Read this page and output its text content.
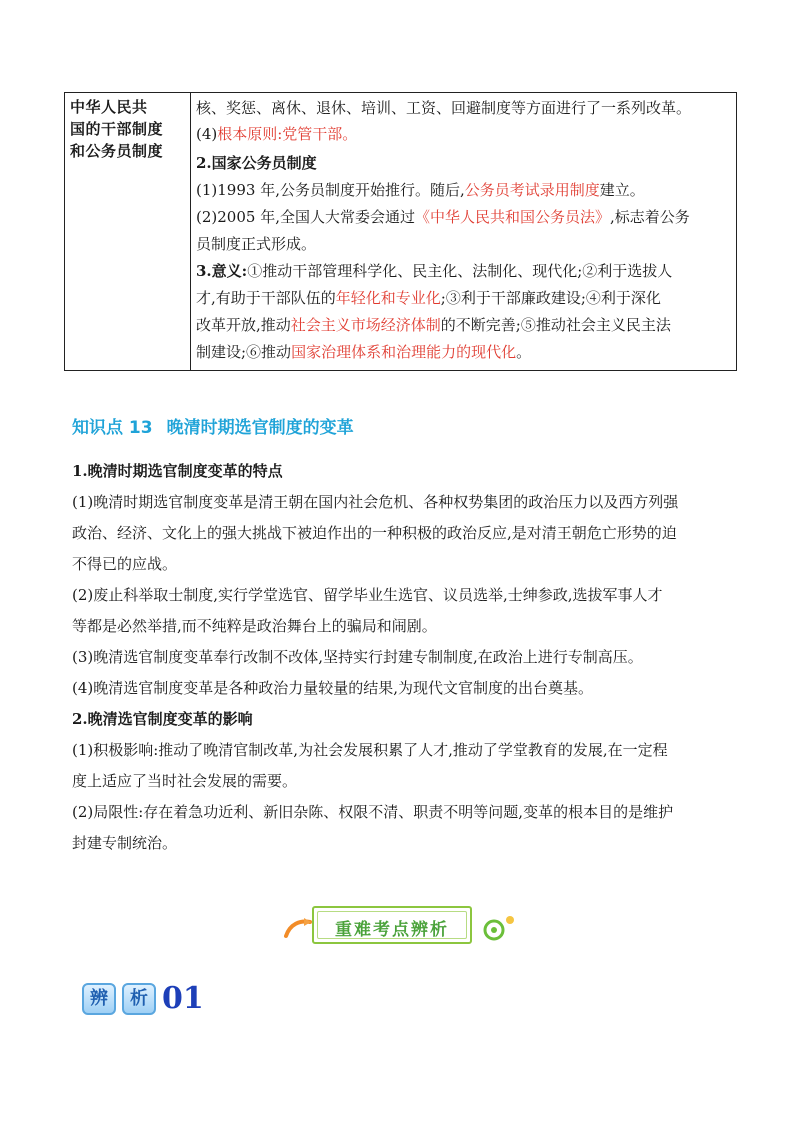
中华人民共
国的干部制度
和公务员制度
核、奖惩、离休、退休、培训、工资、回避制度等方面进行了一系列改革。
(4)根本原则:党管干部。
2.国家公务员制度
(1)1993 年,公务员制度开始推行。随后,公务员考试录用制度建立。
(2)2005 年,全国人大常委会通过《中华人民共和国公务员法》,标志着公务
员制度正式形成。
3.意义:①推动干部管理科学化、民主化、法制化、现代化;②利于选拔人
才,有助于干部队伍的年轻化和专业化;③利于干部廉政建设;④利于深化
改革开放,推动社会主义市场经济体制的不断完善;⑤推动社会主义民主法
制建设;⑥推动国家治理体系和治理能力的现代化。
知识点 13 晚清时期选官制度的变革
1.晚清时期选官制度变革的特点
(1)晚清时期选官制度变革是清王朝在国内社会危机、各种权势集团的政治压力以及西方列强
政治、经济、文化上的强大挑战下被迫作出的一种积极的政治反应,是对清王朝危亡形势的迫
不得已的应战。
(2)废止科举取士制度,实行学堂选官、留学毕业生选官、议员选举,士绅参政,选拔军事人才
等都是必然举措,而不纯粹是政治舞台上的骗局和闹剧。
(3)晚清选官制度变革奉行改制不改体,坚持实行封建专制制度,在政治上进行专制高压。
(4)晚清选官制度变革是各种政治力量较量的结果,为现代文官制度的出台奠基。
2.晚清选官制度变革的影响
(1)积极影响:推动了晚清官制改革,为社会发展积累了人才,推动了学堂教育的发展,在一定程
度上适应了当时社会发展的需要。
(2)局限性:存在着急功近利、新旧杂陈、权限不清、职责不明等问题,变革的根本目的是维护
封建专制统治。
重难考点辨析
辨	析 01
